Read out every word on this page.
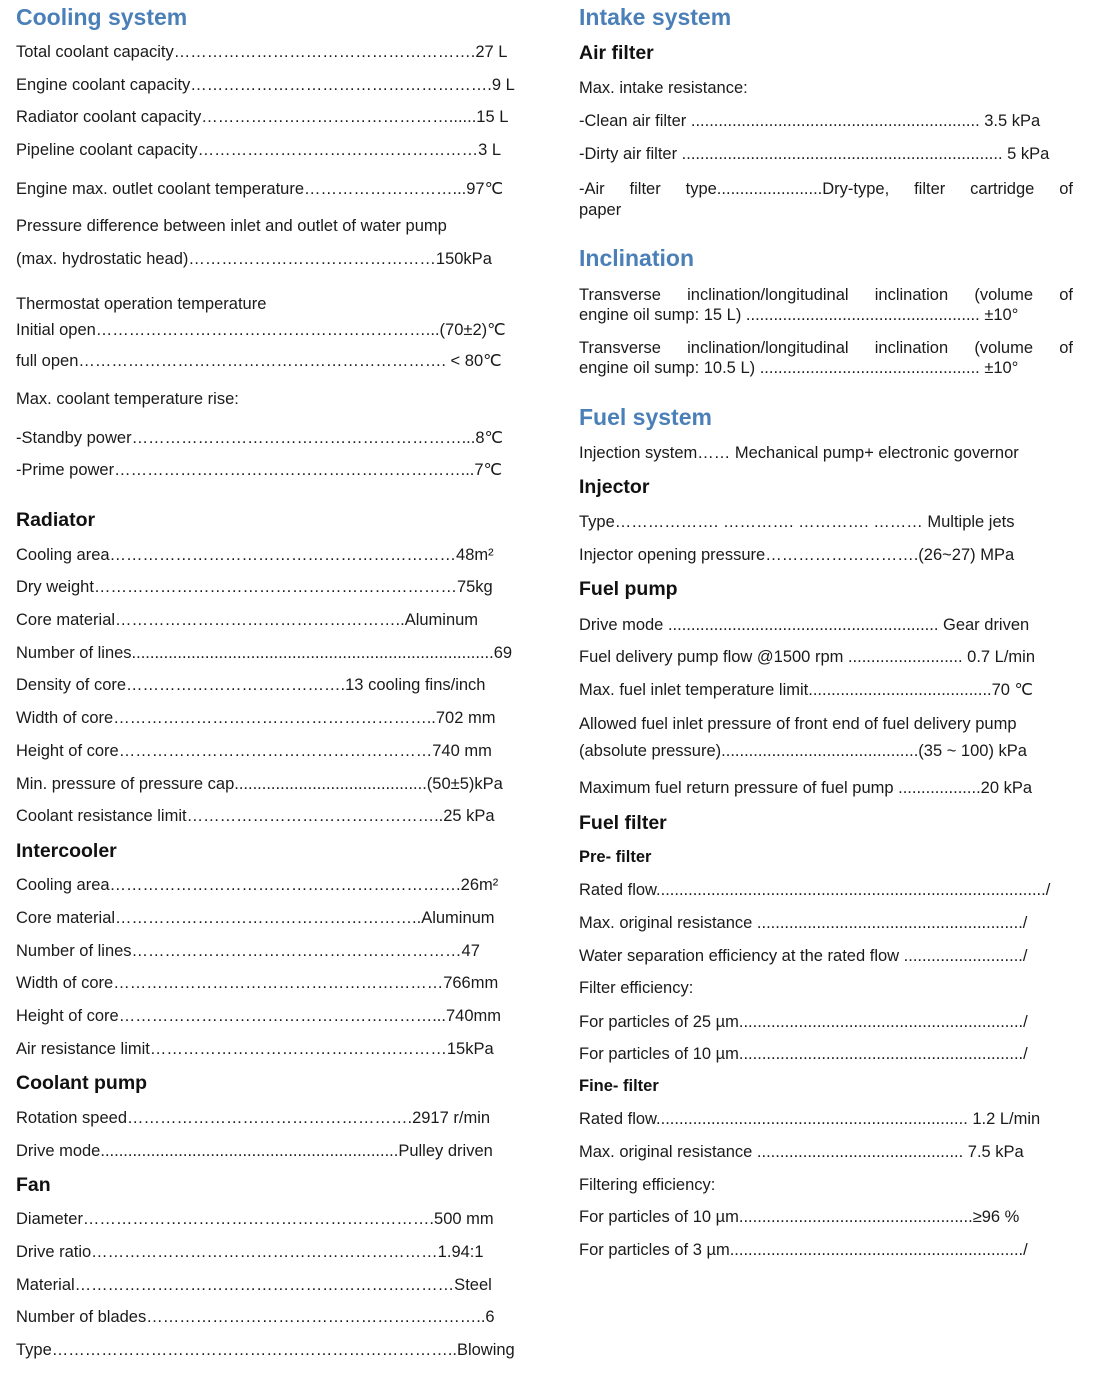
Cooling system
Total coolant capacity……………………………………………….27 L
Engine coolant capacity……………………………………………….9 L
Radiator coolant capacity………………………………………......15 L
Pipeline coolant capacity……………………………………………3 L
Engine max. outlet coolant temperature………………………...97℃
Pressure difference between inlet and outlet of water pump
(max. hydrostatic head)………………………………………150kPa
Thermostat operation temperature
Initial open……………………………………………………...(70±2)℃
full open…………………………………………………………. < 80℃
Max. coolant temperature rise:
-Standby power……………………………………………………...8℃
-Prime power………………………………………………………...7℃
Radiator
Cooling area………………………………………………………48m²
Dry weight…………………………………………………………75kg
Core material……………………………………………..Aluminum
Number of lines...............................................................................69
Density of core………………………………….13 cooling fins/inch
Width of core…………………………………………………..702 mm
Height of core…………………………………………………740 mm
Min. pressure of pressure cap..........................................(50±5)kPa
Coolant resistance limit………………………………………..25 kPa
Intercooler
Cooling area……………………………………………………….26m²
Core material………………………………………………..Aluminum
Number of lines……………………………………………………47
Width of core……………………………………………………766mm
Height of core…………………………………………………...740mm
Air resistance limit………………………………………………15kPa
Coolant pump
Rotation speed…………………………………………….2917 r/min
Drive mode.................................................................Pulley driven
Fan
Diameter……………………………………………………….500 mm
Drive ratio………………………………………………………1.94:1
Material……………………………………………………………Steel
Number of blades……………………………………………………..6
Type………………………………………………………………..Blowing
Intake system
Air filter
Max. intake resistance:
-Clean air filter ............................................................... 3.5 kPa
-Dirty air filter ...................................................................... 5 kPa
-Air filter type.......................Dry-type, filter cartridge of
paper
Inclination
Transverse inclination/longitudinal inclination (volume of
engine oil sump: 15 L) ................................................... ±10°
Transverse inclination/longitudinal inclination (volume of
engine oil sump: 10.5 L) ................................................ ±10°
Fuel system
Injection system…… Mechanical pump+ electronic governor
Injector
Type………………. …………. …………. ……… Multiple jets
Injector opening pressure……………………….(26~27) MPa
Fuel pump
Drive mode ........................................................... Gear driven
Fuel delivery pump flow @1500 rpm ......................... 0.7 L/min
Max. fuel inlet temperature limit........................................70 ℃
Allowed fuel inlet pressure of front end of fuel delivery pump
(absolute pressure)...........................................(35 ~ 100) kPa
Maximum fuel return pressure of fuel pump ..................20 kPa
Fuel filter
Pre- filter
Rated flow...................................................................................../
Max. original resistance ........................................................../
Water separation efficiency at the rated flow ........................../
Filter efficiency:
For particles of 25 µm............................................................../
For particles of 10 µm............................................................../
Fine- filter
Rated flow.................................................................... 1.2 L/min
Max. original resistance ............................................. 7.5 kPa
Filtering efficiency:
For particles of 10 µm...................................................≥96 %
For particles of 3 µm................................................................/
